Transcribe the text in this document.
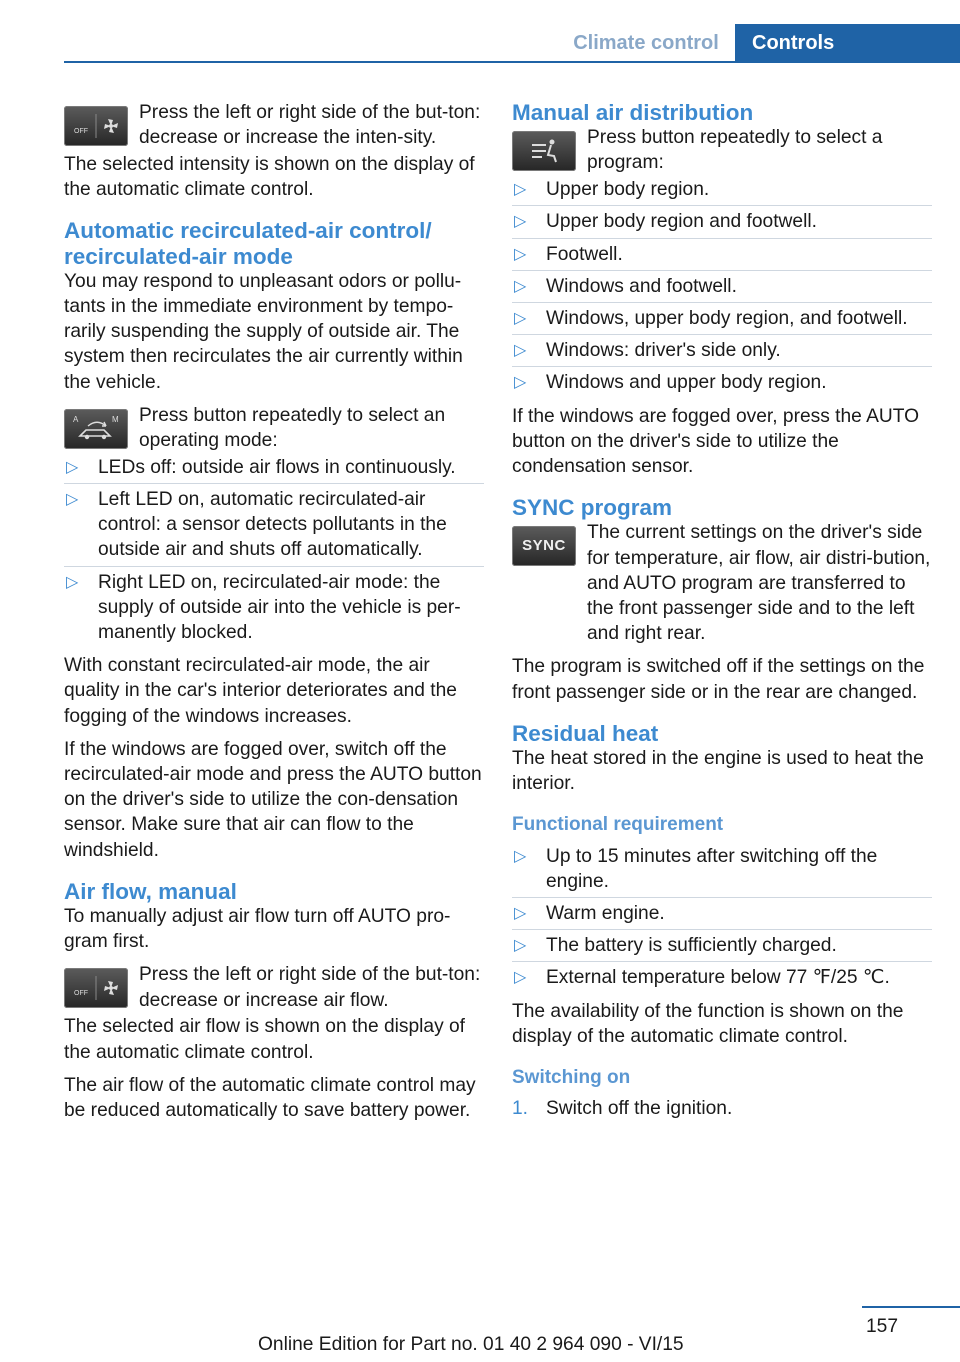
Climate control	Controls
OFF

Press the left or right side of the but-ton: decrease or increase the inten-sity.

The selected intensity is shown on the display of the automatic climate control.

Automatic recirculated-air control/ recirculated-air mode

You may respond to unpleasant odors or pollu-tants in the immediate environment by tempo-rarily suspending the supply of outside air. The system then recirculates the air currently within the vehicle.

A	M Press button repeatedly to select an operating mode:

▷ LEDs off: outside air flows in continuously.
▷ Left LED on, automatic recirculated-air control: a sensor detects pollutants in the outside air and shuts off automatically.
▷ Right LED on, recirculated-air mode: the supply of outside air into the vehicle is per-manently blocked.

With constant recirculated-air mode, the air quality in the car's interior deteriorates and the fogging of the windows increases.

If the windows are fogged over, switch off the recirculated-air mode and press the AUTO button on the driver's side to utilize the con-densation sensor. Make sure that air can flow to the windshield.

Air flow, manual

To manually adjust air flow turn off AUTO pro-gram first.

OFF

Press the left or right side of the but-ton: decrease or increase air flow.

The selected air flow is shown on the display of the automatic climate control.

The air flow of the automatic climate control may be reduced automatically to save battery power.

Manual air distribution

Press button repeatedly to select a program:

▷ Upper body region.
▷ Upper body region and footwell.
▷ Footwell.
▷ Windows and footwell.
▷ Windows, upper body region, and footwell.
▷ Windows: driver's side only.
▷ Windows and upper body region.

If the windows are fogged over, press the AUTO button on the driver's side to utilize the condensation sensor.

SYNC program
SYNC

The current settings on the driver's side for temperature, air flow, air distri-bution, and AUTO program are transferred to the front passenger side and to the left and right rear.

The program is switched off if the settings on the front passenger side or in the rear are changed.

Residual heat

The heat stored in the engine is used to heat the interior.

Functional requirement
▷ Up to 15 minutes after switching off the engine.
▷ Warm engine.
▷ The battery is sufficiently charged.
▷ External temperature below 77 ℉/25 ℃.

The availability of the function is shown on the display of the automatic climate control.

Switching on
1. Switch off the ignition.
157
Online Edition for Part no. 01 40 2 964 090 - VI/15
